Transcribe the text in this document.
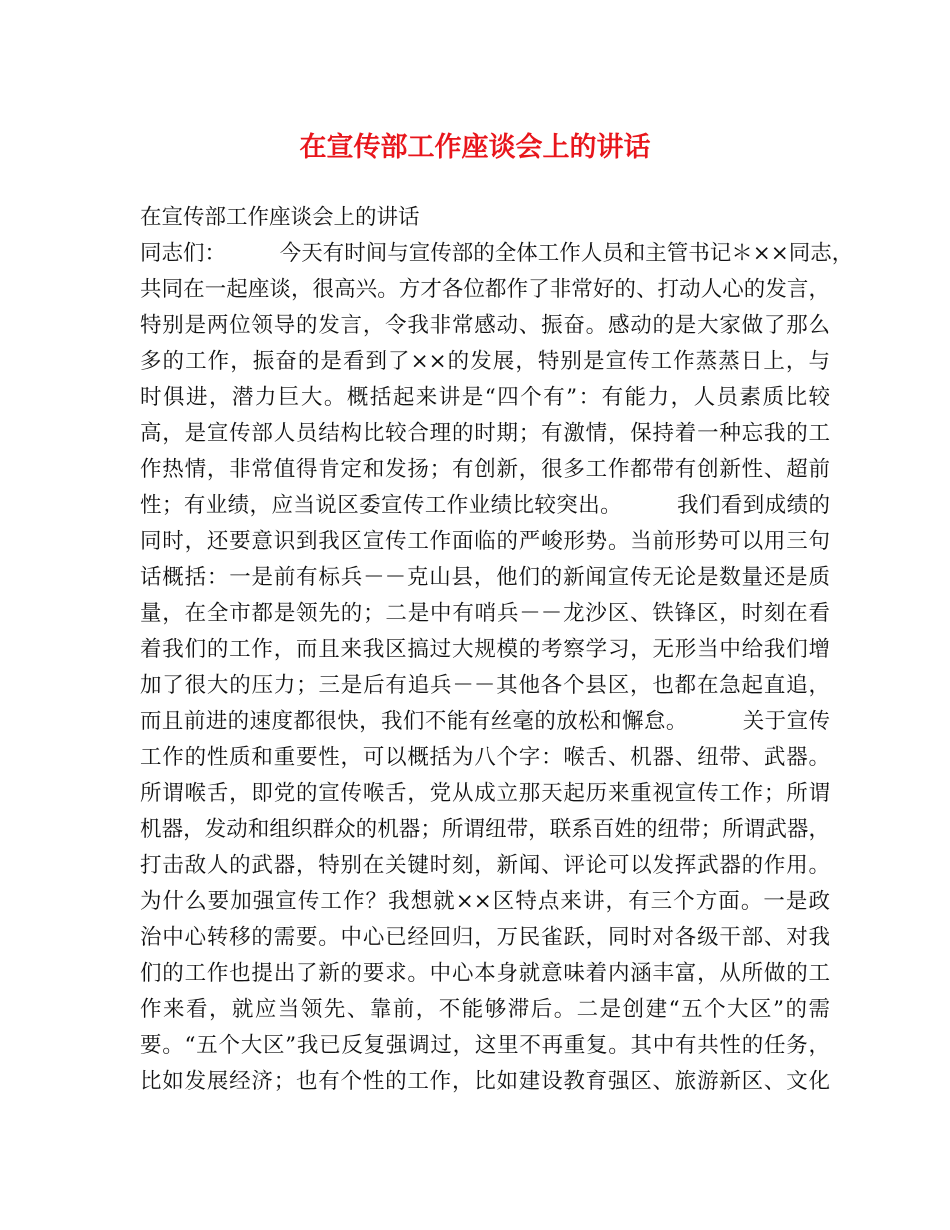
在宣传部工作座谈会上的讲话
在宣传部工作座谈会上的讲话
同志们：　　　今天有时间与宣传部的全体工作人员和主管书记＊××同志，
共同在一起座谈，很高兴。方才各位都作了非常好的、打动人心的发言，
特别是两位领导的发言，令我非常感动、振奋。感动的是大家做了那么
多的工作，振奋的是看到了××的发展，特别是宣传工作蒸蒸日上，与
时俱进，潜力巨大。概括起来讲是“四个有”：有能力，人员素质比较
高，是宣传部人员结构比较合理的时期；有激情，保持着一种忘我的工
作热情，非常值得肯定和发扬；有创新，很多工作都带有创新性、超前
性；有业绩，应当说区委宣传工作业绩比较突出。　　　我们看到成绩的
同时，还要意识到我区宣传工作面临的严峻形势。当前形势可以用三句
话概括：一是前有标兵－－克山县，他们的新闻宣传无论是数量还是质
量，在全市都是领先的；二是中有哨兵－－龙沙区、铁锋区，时刻在看
着我们的工作，而且来我区搞过大规模的考察学习，无形当中给我们增
加了很大的压力；三是后有追兵－－其他各个县区，也都在急起直追，
而且前进的速度都很快，我们不能有丝毫的放松和懈怠。　　　关于宣传
工作的性质和重要性，可以概括为八个字：喉舌、机器、纽带、武器。
所谓喉舌，即党的宣传喉舌，党从成立那天起历来重视宣传工作；所谓
机器，发动和组织群众的机器；所谓纽带，联系百姓的纽带；所谓武器，
打击敌人的武器，特别在关键时刻，新闻、评论可以发挥武器的作用。
为什么要加强宣传工作？我想就××区特点来讲，有三个方面。一是政
治中心转移的需要。中心已经回归，万民雀跃，同时对各级干部、对我
们的工作也提出了新的要求。中心本身就意味着内涵丰富，从所做的工
作来看，就应当领先、靠前，不能够滞后。二是创建“五个大区”的需
要。“五个大区”我已反复强调过，这里不再重复。其中有共性的任务，
比如发展经济；也有个性的工作，比如建设教育强区、旅游新区、文化
